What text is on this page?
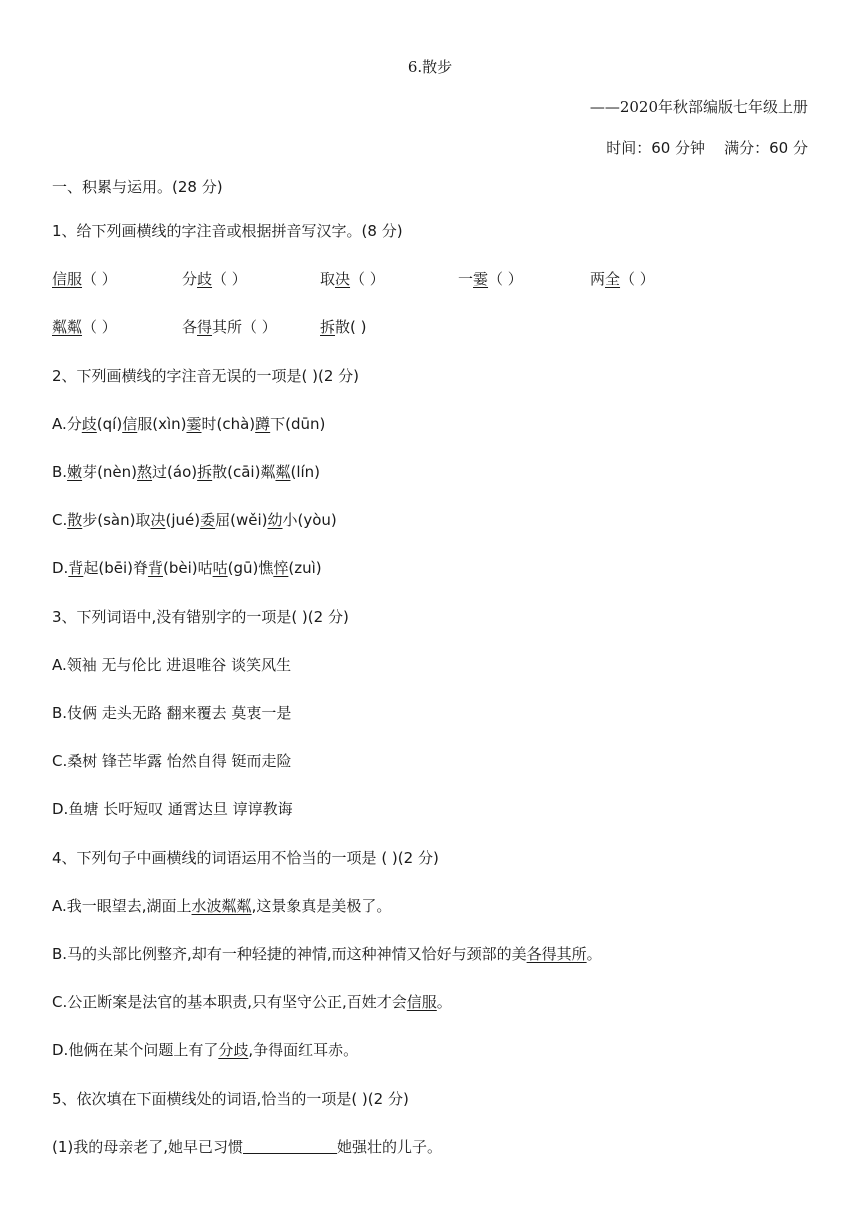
6.散步
——2020年秋部编版七年级上册
时间：60 分钟 满分：60 分
一、积累与运用。(28 分)
1、给下列画横线的字注音或根据拼音写汉字。(8 分)
信服（ ）	分歧（ ）	取决（ ）	一霎（ ）	两全（ ）
粼粼（ ）	各得其所（ ）	拆散( )
2、下列画横线的字注音无误的一项是( )(2 分)
A.分歧(qí)信服(xìn)霎时(chà)蹲下(dūn)
B.嫩芽(nèn)熬过(áo)拆散(cāi)粼粼(lín)
C.散步(sàn)取决(jué)委屈(wěi)幼小(yòu)
D.背起(bēi)脊背(bèi)咕咕(gū)憔悴(zuì)
3、下列词语中,没有错别字的一项是( )(2 分)
A.领袖 无与伦比 进退唯谷 谈笑风生
B.伎俩 走头无路 翻来覆去 莫衷一是
C.桑树 锋芒毕露 怡然自得 铤而走险
D.鱼塘 长吁短叹 通霄达旦 谆谆教诲
4、下列句子中画横线的词语运用不恰当的一项是 ( )(2 分)
A.我一眼望去,湖面上水波粼粼,这景象真是美极了。
B.马的头部比例整齐,却有一种轻捷的神情,而这种神情又恰好与颈部的美各得其所。
C.公正断案是法官的基本职责,只有坚守公正,百姓才会信服。
D.他俩在某个问题上有了分歧,争得面红耳赤。
5、依次填在下面横线处的词语,恰当的一项是( )(2 分)
(1)我的母亲老了,她早已习惯	她强壮的儿子。
